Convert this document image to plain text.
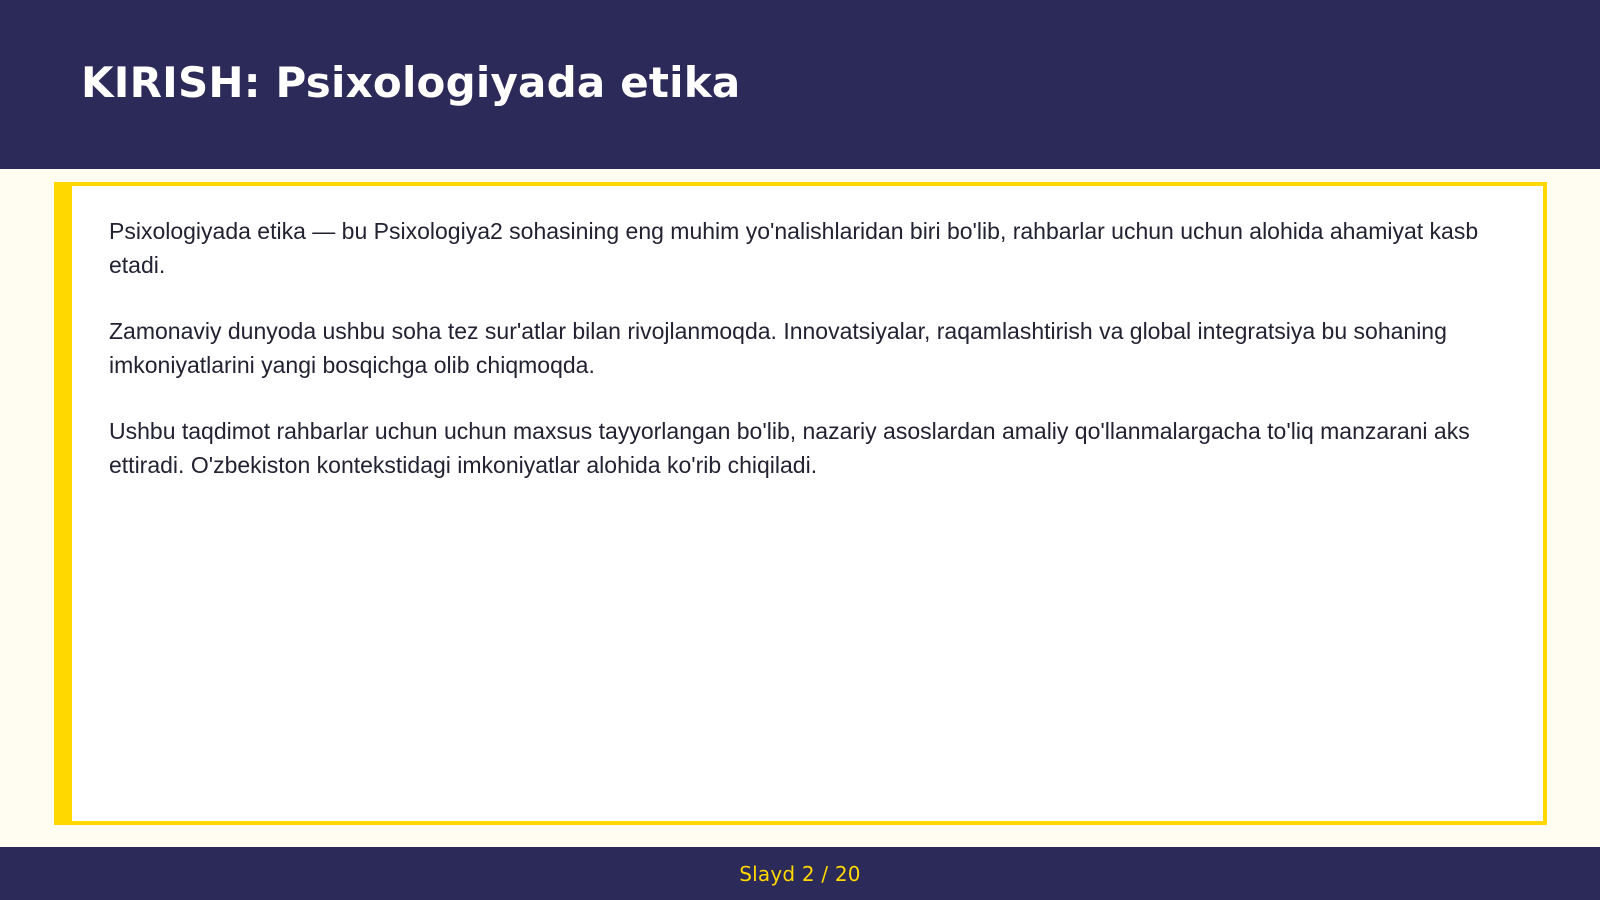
KIRISH: Psixologiyada etika

Psixologiyada etika — bu Psixologiya2 sohasining eng muhim yo'nalishlaridan biri bo'lib, rahbarlar uchun uchun alohida ahamiyat kasb etadi.

Zamonaviy dunyoda ushbu soha tez sur'atlar bilan rivojlanmoqda. Innovatsiyalar, raqamlashtirish va global integratsiya bu sohaning imkoniyatlarini yangi bosqichga olib chiqmoqda.

Ushbu taqdimot rahbarlar uchun uchun maxsus tayyorlangan bo'lib, nazariy asoslardan amaliy qo'llanmalargacha to'liq manzarani aks ettiradi. O'zbekiston kontekstidagi imkoniyatlar alohida ko'rib chiqiladi.

Slayd 2 / 20
